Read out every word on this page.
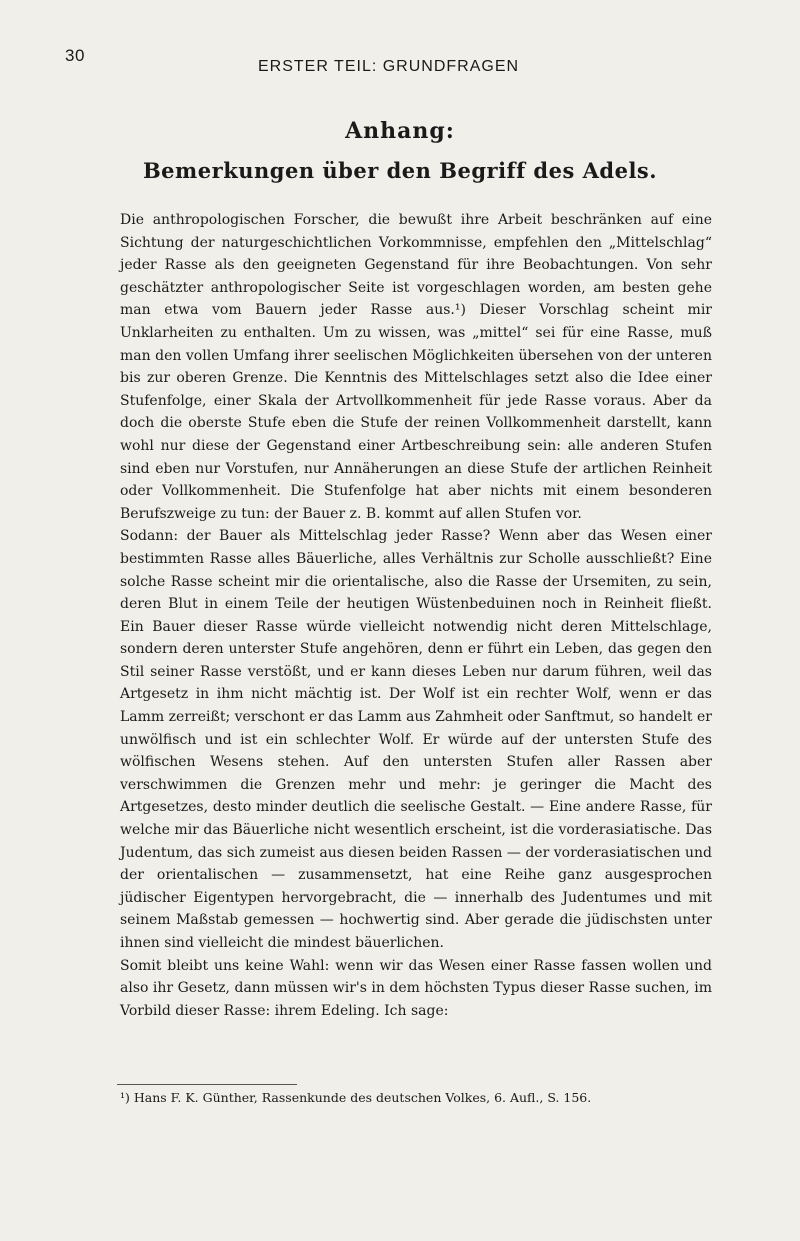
30
ERSTER TEIL: GRUNDFRAGEN
Anhang:
Bemerkungen über den Begriff des Adels.

Die anthropologischen Forscher, die bewußt ihre Arbeit beschränken auf eine Sichtung der naturgeschichtlichen Vorkommnisse, empfehlen den „Mittelschlag“ jeder Rasse als den geeigneten Gegenstand für ihre Beobachtungen. Von sehr geschätzter anthropologischer Seite ist vorgeschlagen worden, am besten gehe man etwa vom Bauern jeder Rasse aus.¹) Dieser Vorschlag scheint mir Unklarheiten zu enthalten. Um zu wissen, was „mittel“ sei für eine Rasse, muß man den vollen Umfang ihrer seelischen Möglichkeiten übersehen von der unteren bis zur oberen Grenze. Die Kenntnis des Mittelschlages setzt also die Idee einer Stufenfolge, einer Skala der Artvollkommenheit für jede Rasse voraus. Aber da doch die oberste Stufe eben die Stufe der reinen Vollkommenheit darstellt, kann wohl nur diese der Gegenstand einer Artbeschreibung sein: alle anderen Stufen sind eben nur Vorstufen, nur Annäherungen an diese Stufe der artlichen Reinheit oder Vollkommenheit. Die Stufenfolge hat aber nichts mit einem besonderen Berufszweige zu tun: der Bauer z. B. kommt auf allen Stufen vor.

Sodann: der Bauer als Mittelschlag jeder Rasse? Wenn aber das Wesen einer bestimmten Rasse alles Bäuerliche, alles Verhältnis zur Scholle ausschließt? Eine solche Rasse scheint mir die orientalische, also die Rasse der Ursemiten, zu sein, deren Blut in einem Teile der heutigen Wüstenbeduinen noch in Reinheit fließt. Ein Bauer dieser Rasse würde vielleicht notwendig nicht deren Mittelschlage, sondern deren unterster Stufe angehören, denn er führt ein Leben, das gegen den Stil seiner Rasse verstößt, und er kann dieses Leben nur darum führen, weil das Artgesetz in ihm nicht mächtig ist. Der Wolf ist ein rechter Wolf, wenn er das Lamm zerreißt; verschont er das Lamm aus Zahmheit oder Sanftmut, so handelt er unwölfisch und ist ein schlechter Wolf. Er würde auf der untersten Stufe des wölfischen Wesens stehen. Auf den untersten Stufen aller Rassen aber verschwimmen die Grenzen mehr und mehr: je geringer die Macht des Artgesetzes, desto minder deutlich die seelische Gestalt. — Eine andere Rasse, für welche mir das Bäuerliche nicht wesentlich erscheint, ist die vorderasiatische. Das Judentum, das sich zumeist aus diesen beiden Rassen — der vorderasiatischen und der orientalischen — zusammensetzt, hat eine Reihe ganz ausgesprochen jüdischer Eigentypen hervorgebracht, die — innerhalb des Judentumes und mit seinem Maßstab gemessen — hochwertig sind. Aber gerade die jüdischsten unter ihnen sind vielleicht die mindest bäuerlichen.

Somit bleibt uns keine Wahl: wenn wir das Wesen einer Rasse fassen wollen und also ihr Gesetz, dann müssen wir's in dem höchsten Typus dieser Rasse suchen, im Vorbild dieser Rasse: ihrem Edeling. Ich sage:

¹) Hans F. K. Günther, Rassenkunde des deutschen Volkes, 6. Aufl., S. 156.
